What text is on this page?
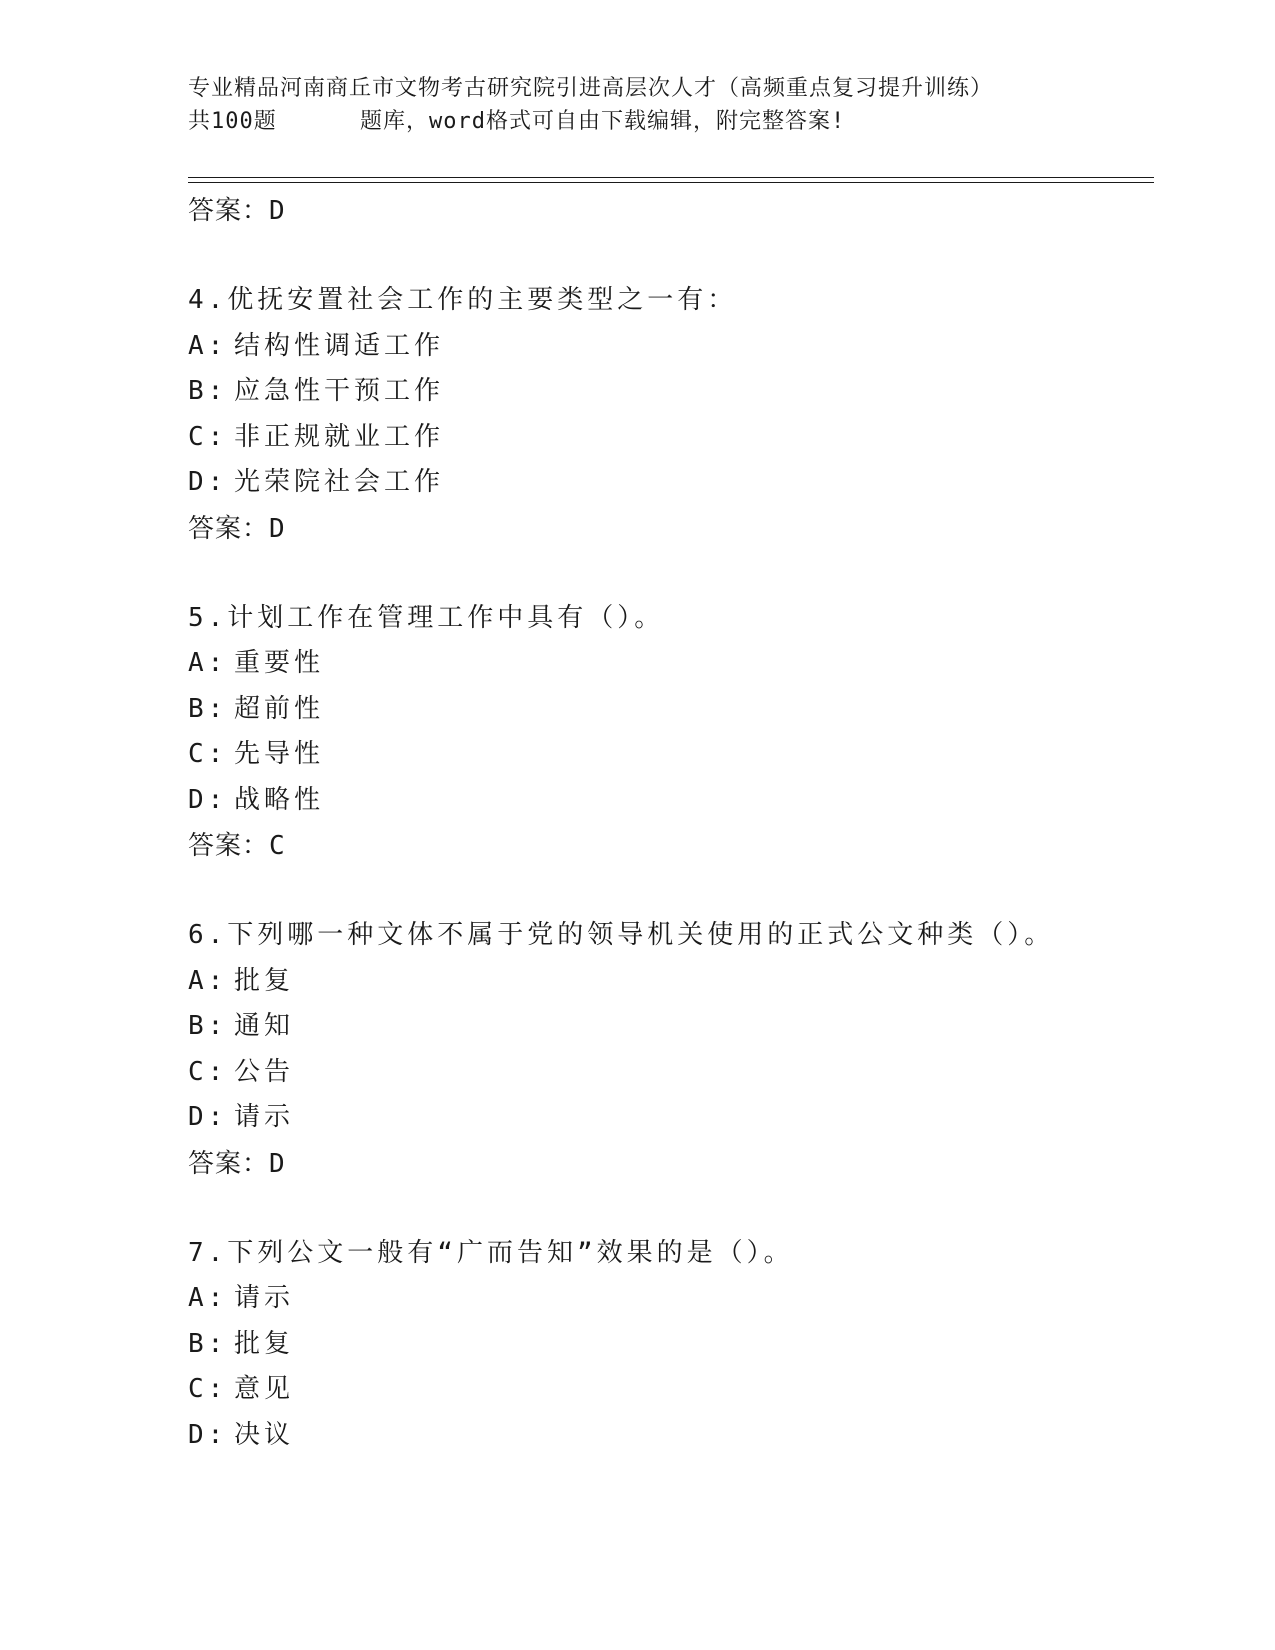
专业精品河南商丘市文物考古研究院引进高层次人才（高频重点复习提升训练）
共100题	题库，word格式可自由下载编辑，附完整答案!
答案：D
4.优抚安置社会工作的主要类型之一有：
A: 结构性调适工作
B: 应急性干预工作
C: 非正规就业工作
D: 光荣院社会工作
答案：D
5.计划工作在管理工作中具有（）。
A: 重要性
B: 超前性
C: 先导性
D: 战略性
答案：C
6.下列哪一种文体不属于党的领导机关使用的正式公文种类（）。
A: 批复
B: 通知
C: 公告
D: 请示
答案：D
7.下列公文一般有“广而告知”效果的是（）。
A: 请示
B: 批复
C: 意见
D: 决议
